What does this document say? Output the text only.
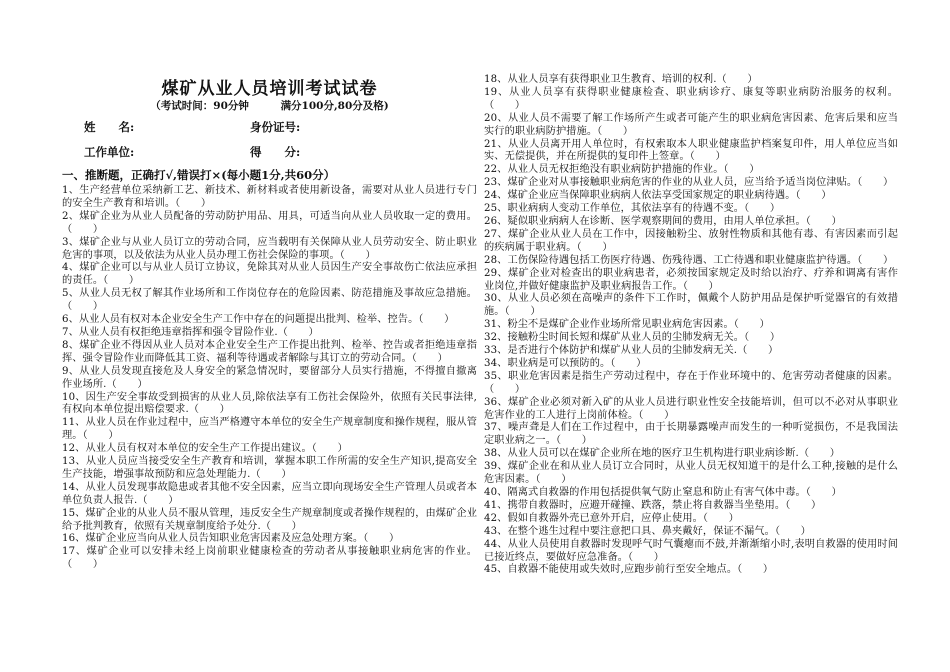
煤矿从业人员培训考试试卷
（考试时间：90分钟	满分100分,80分及格)
姓　　名:	身份证号:
工作单位:	得　　分:
一、推断题，正确打√,错误打×(每小题1分,共60分）

1、生产经营单位采纳新工艺、新技术、新材料或者使用新设备，需要对从业人员进行专门的安全生产教育和培训。（　　）

2、煤矿企业为从业人员配备的劳动防护用品、用具，可适当向从业人员收取一定的费用。（　　）

3、煤矿企业与从业人员订立的劳动合同，应当载明有关保障从业人员劳动安全、防止职业危害的事项，以及依法为从业人员办理工伤社会保险的事项。（　　）

4、煤矿企业可以与从业人员订立协议，免除其对从业人员因生产安全事故伤亡依法应承担的责任。（　　）

5、从业人员无权了解其作业场所和工作岗位存在的危险因素、防范措施及事故应急措施。（　　）

6、从业人员有权对本企业安全生产工作中存在的问题提出批判、检举、控告。（　　）

7、从业人员有权拒绝违章指挥和强令冒险作业.（　　）

8、煤矿企业不得因从业人员对本企业安全生产工作提出批判、检举、控告或者拒绝违章指挥、强令冒险作业而降低其工资、福利等待遇或者解除与其订立的劳动合同。（　　）

9、从业人员发现直接危及人身安全的紧急情况时，要留部分人员实行措施，不得擅自撤离作业场所.（　　）

10、因生产安全事故受到损害的从业人员,除依法享有工伤社会保险外，依照有关民事法律,有权向本单位提出赔偿要求.（　　）

11、从业人员在作业过程中，应当严格遵守本单位的安全生产规章制度和操作规程，服从管理。（　　）

12、从业人员有权对本单位的安全生产工作提出建议。（　　）

13、从业人员应当接受安全生产教育和培训，掌握本职工作所需的安全生产知识,提高安全生产技能，增强事故预防和应急处理能力.（　　）

14、从业人员发现事故隐患或者其他不安全因素，应当立即向现场安全生产管理人员或者本单位负责人报告.（　　）

15、煤矿企业的从业人员不服从管理，违反安全生产规章制度或者操作规程的，由煤矿企业给予批判教育，依照有关规章制度给予处分.（　　）

16、煤矿企业应当向从业人员告知职业危害因素及应急处理方案。（　　）

17、煤矿企业可以安排未经上岗前职业健康检查的劳动者从事接触职业病危害的作业。（　　）

18、从业人员享有获得职业卫生教育、培训的权利.（　　）

19、从业人员享有获得职业健康检查、职业病诊疗、康复等职业病防治服务的权利。（　　）

20、从业人员不需要了解工作场所产生或者可能产生的职业病危害因素、危害后果和应当实行的职业病防护措施。（　　）

21、从业人员离开用人单位时，有权索取本人职业健康监护档案复印件，用人单位应当如实、无偿提供，并在所提供的复印件上签章。（　　）

22、从业人员无权拒绝没有职业病防护措施的作业。（　　）

23、煤矿企业对从事接触职业病危害的作业的从业人员，应当给予适当岗位津贴。（　　）

24、煤矿企业应当保障职业病病人依法享受国家规定的职业病待遇。（　　）

25、职业病病人变动工作单位，其依法享有的待遇不变。（　　）

26、疑似职业病病人在诊断、医学观察期间的费用，由用人单位承担。（　　）

27、煤矿企业从业人员在工作中，因接触粉尘、放射性物质和其他有毒、有害因素而引起的疾病属于职业病。（　　）

28、工伤保险待遇包括工伤医疗待遇、伤残待遇、工亡待遇和职业健康监护待遇。（　　）

29、煤矿企业对检查出的职业病患者，必须按国家规定及时给以治疗、疗养和调离有害作业岗位,并做好健康监护及职业病报告工作。（　　）

30、从业人员必须在高噪声的条件下工作时，佩戴个人防护用品是保护听觉器官的有效措施。（　　）

31、粉尘不是煤矿企业作业场所常见职业病危害因素。（　　）

32、接触粉尘时间长短和煤矿从业人员的尘肺发病无关。（　　）

33、是否进行个体防护和煤矿从业人员的尘肺发病无关.（　　）

34、职业病是可以预防的。（　　）

35、职业危害因素是指生产劳动过程中，存在于作业环境中的、危害劳动者健康的因素。（　　）

36、煤矿企业必须对新入矿的从业人员进行职业性安全技能培训，但可以不必对从事职业危害作业的工人进行上岗前体检。（　　）

37、噪声聋是人们在工作过程中，由于长期暴露噪声而发生的一种听觉损伤，不是我国法定职业病之一。（　　）

38、从业人员可以在煤矿企业所在地的医疗卫生机构进行职业病诊断.（　　）

39、煤矿企业在和从业人员订立合同时，从业人员无权知道干的是什么工种,接触的是什么危害因素。（　　）

40、隔离式自救器的作用包括提供氧气防止窒息和防止有害气体中毒。（　　）

41、携带自救器时，应避开碰撞、跌落，禁止将自救器当坐垫用。（　　）

42、假如自救器外壳已意外开启，应停止使用。（　　）

43、在整个逃生过程中要注意把口具、鼻夹戴好，保证不漏气。（　　）

44、从业人员使用自救器时发现呼气时气囊瘪而不鼓,并渐渐缩小时,表明自救器的使用时间已接近终点，要做好应急准备。（　　）

45、自救器不能使用或失效时,应跑步前行至安全地点。（　　）
